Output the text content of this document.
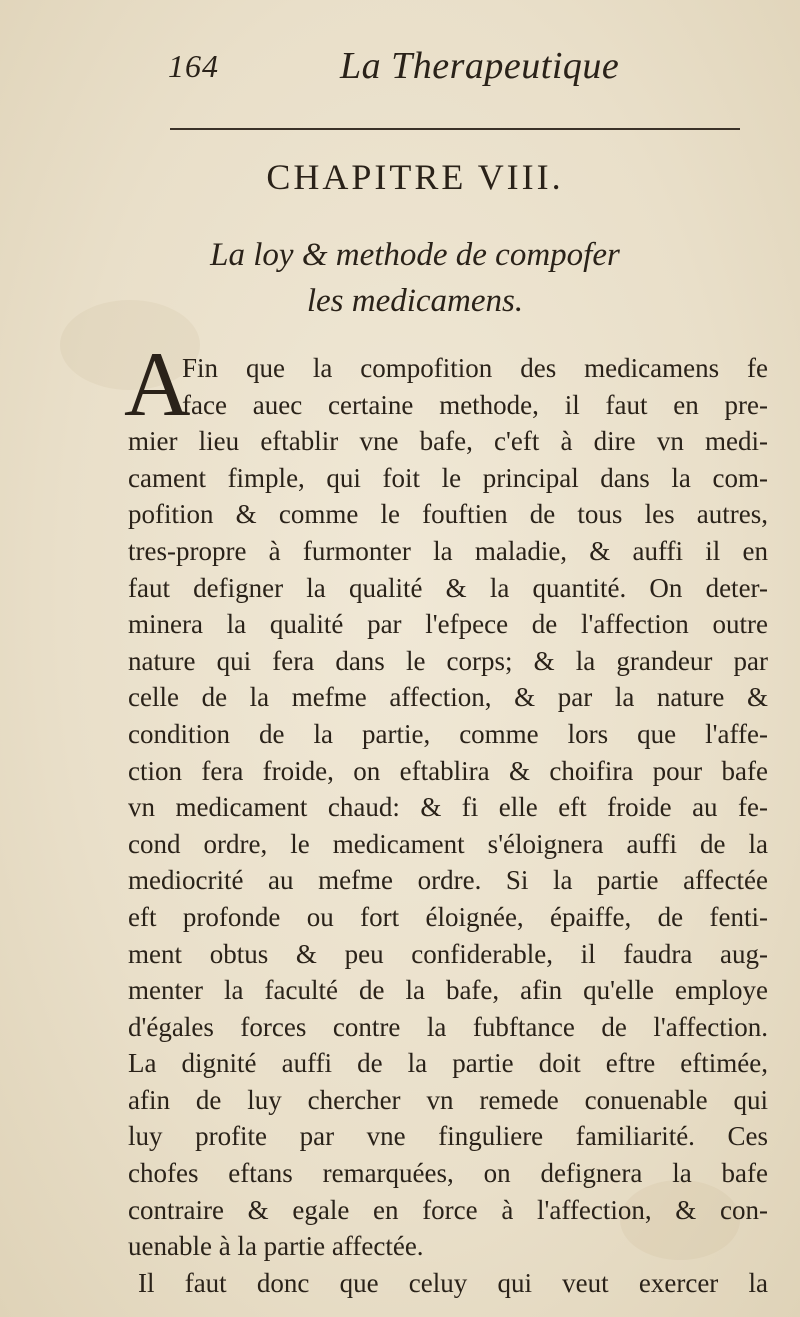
164	La Therapeutique
CHAPITRE VIII.
La loy & methode de compofer
les medicamens.
A
Fin que la compofition des medicamens fe
face auec certaine methode, il faut en pre-
mier lieu eftablir vne bafe, c'eft à dire vn medi-
cament fimple, qui foit le principal dans la com-
pofition & comme le fouftien de tous les autres,
tres-propre à furmonter la maladie, & auffi il en
faut defigner la qualité & la quantité. On deter-
minera la qualité par l'efpece de l'affection outre
nature qui fera dans le corps; & la grandeur par
celle de la mefme affection, & par la nature &
condition de la partie, comme lors que l'affe-
ction fera froide, on eftablira & choifira pour bafe
vn medicament chaud: & fi elle eft froide au fe-
cond ordre, le medicament s'éloignera auffi de la
mediocrité au mefme ordre. Si la partie affectée
eft profonde ou fort éloignée, épaiffe, de fenti-
ment obtus & peu confiderable, il faudra aug-
menter la faculté de la bafe, afin qu'elle employe
d'égales forces contre la fubftance de l'affection.
La dignité auffi de la partie doit eftre eftimée,
afin de luy chercher vn remede conuenable qui
luy profite par vne finguliere familiarité. Ces
chofes eftans remarquées, on defignera la bafe
contraire & egale en force à l'affection, & con-
uenable à la partie affectée.
Il faut donc que celuy qui veut exercer la
